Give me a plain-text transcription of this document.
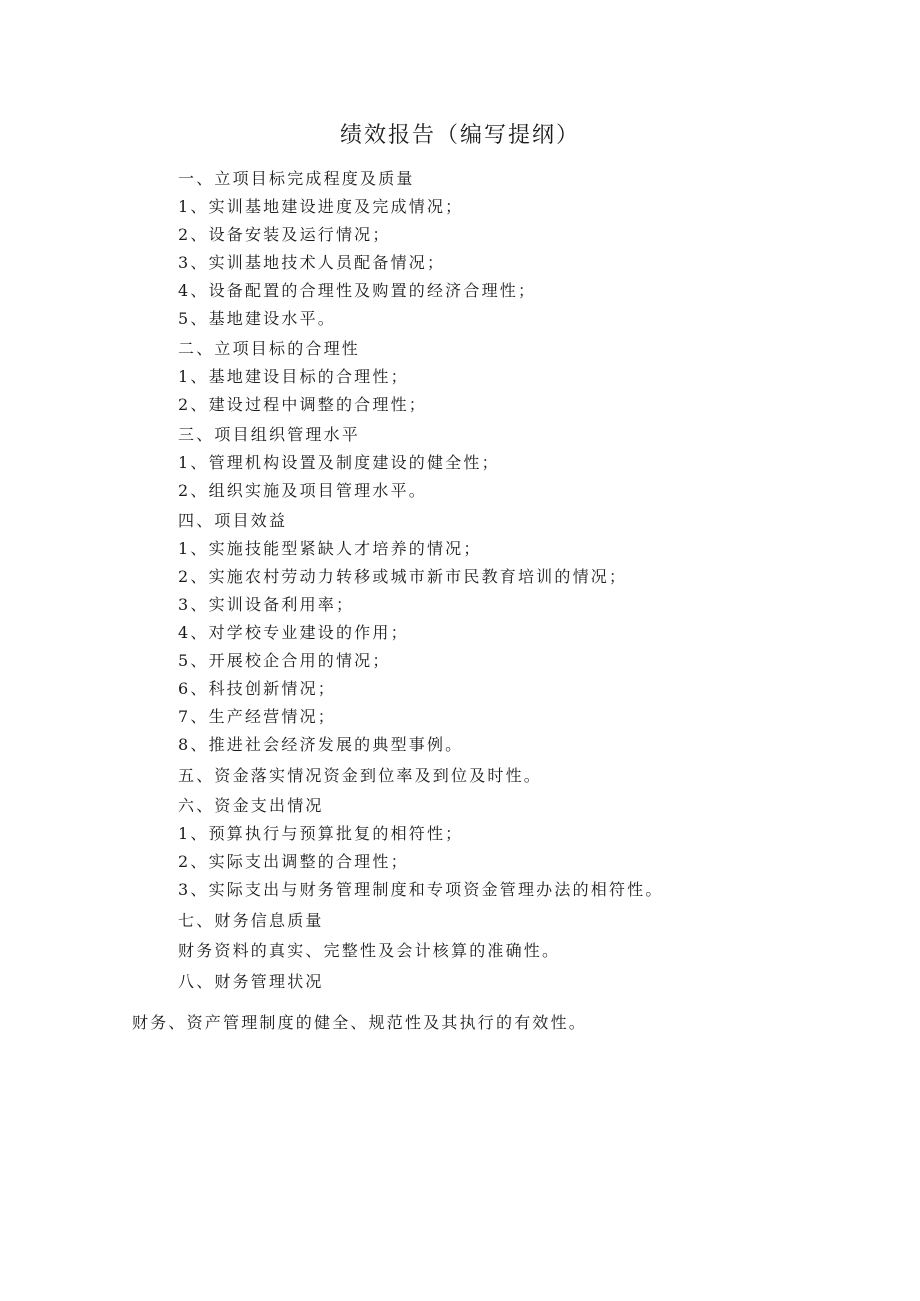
绩效报告（编写提纲）
一、立项目标完成程度及质量
1、实训基地建设进度及完成情况；
2、设备安装及运行情况；
3、实训基地技术人员配备情况；
4、设备配置的合理性及购置的经济合理性；
5、基地建设水平。
二、立项目标的合理性
1、基地建设目标的合理性；
2、建设过程中调整的合理性；
三、项目组织管理水平
1、管理机构设置及制度建设的健全性；
2、组织实施及项目管理水平。
四、项目效益
1、实施技能型紧缺人才培养的情况；
2、实施农村劳动力转移或城市新市民教育培训的情况；
3、实训设备利用率；
4、对学校专业建设的作用；
5、开展校企合用的情况；
6、科技创新情况；
7、生产经营情况；
8、推进社会经济发展的典型事例。
五、资金落实情况资金到位率及到位及时性。
六、资金支出情况
1、预算执行与预算批复的相符性；
2、实际支出调整的合理性；
3、实际支出与财务管理制度和专项资金管理办法的相符性。
七、财务信息质量
财务资料的真实、完整性及会计核算的准确性。
八、财务管理状况
财务、资产管理制度的健全、规范性及其执行的有效性。
